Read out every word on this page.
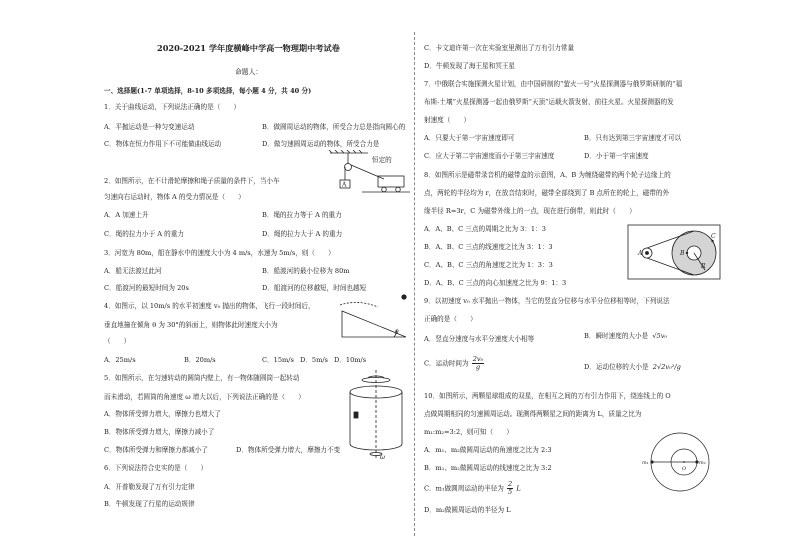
2020-2021 学年度横峰中学高一物理期中考试卷
命题人：
一、选择题(1-7 单项选择，8-10 多项选择，每小题 4 分，共 40 分)
1．关于曲线运动，下列说法正确的是（　　）
A．平抛运动是一种匀变速运动	B．做圆周运动的物体，所受合力总是指向圆心的
C．物体在恒力作用下不可能做曲线运动	D．做匀速圆周运动的物体，所受合力是
恒定的
2．如图所示，在不计滑轮摩擦和绳子质量的条件下，当小车
匀速向右运动时，物体 A 的受力情况是（　　）
A．A 加速上升	B．绳的拉力等于 A 的重力
C．绳的拉力小于 A 的重力	D．绳的拉力大于 A 的重力
3．河宽为 80m，船在静水中的速度大小为 4 m/s，水速为 5m/s，则（　　）
A．船无法渡过此河	B．船渡河的最小位移为 80m
C．船渡河的最短时间为 20s	D．船渡河的位移越短，时间也越短
4．如图示，以 10m/s 的水平初速度 v₀ 抛出的物体，飞行一段时间后，
垂直地撞在倾角 θ 为 30°的斜面上，则物体此时速度大小为
（　　）
A．25m/s	B．20m/s	C．15m/s D．5m/s D．10m/s
5．如图所示，在匀速转动的圆筒内壁上，有一物体随圆筒一起转动
而未滑动，若圆筒的角速度 ω 增大以后，下列说法正确的是（　　）
A．物体所受弹力增大，摩擦力也增大了
B．物体所受弹力增大，摩擦力减小了
C．物体所受弹力和摩擦力都减小了	D．物体所受弹力增大，摩擦力不变
6．下列说法符合史实的是（　　）
A．开普勒发现了万有引力定律
B．牛顿发现了行星的运动规律
A
θ
ω
C．卡文迪许第一次在实验室里测出了万有引力常量
D．牛顿发现了海王星和冥王星
7．中俄联合实施探测火星计划，由中国研制的“萤火一号”火星探测器与俄罗斯研制的“福
布斯-土壤”火星探测器一起由俄罗斯“天顶”运载火箭发射，前往火星。火星探测器的发
射速度（　　）
A．只要大于第一宇宙速度即可	B．只有达到第三宇宙速度才可以
C．应大于第二宇宙速度而小于第三宇宙速度	D．小于第一宇宙速度
8．如图所示是磁带录音机的磁带盒的示意图，A、B 为缠绕磁带的两个轮子边缘上的
点，两轮的半径均为 r，在放音结束时，磁带全部绕到了 B 点所在的轮上，磁带的外
缘半径 R=3r，C 为磁带外缘上的一点，现在进行倒带，则此时（　　）
A．A、B、C 三点的周期之比为 3：1：3
B．A、B、C 三点的线速度之比为 3：1：3
C．A、B、C 三点的角速度之比为 1：3：3
D．A、B、C 三点的向心加速度之比为 9：1：3
9．以初速度 v₀ 水平抛出一物体，当它的竖直分位移与水平分位移相等时，下列说法
正确的是（　　）
A．竖直分速度与水平分速度大小相等	B．瞬时速度的大小是 √5v₀
C．运动时间为 $\frac{\text{2v₀}}{g}$	D．运动位移的大小是 2√2v₀²/g
10．如图所示，两颗星球组成的双星，在相互之间的万有引力作用下，绕连线上的 O
点做周期相同的匀速圆周运动。现测得两颗星之间的距离为 L，质量之比为
m₁:m₂=3:2，则可知（　　）
A．m₁、m₂做圆周运动的角速度之比为 2:3
B．m₁、m₂做圆周运动的线速度之比为 3:2
C．m₁做圆周运动的半径为 $\frac{2}{5}$ L
D．m₂做圆周运动的半径为 L
A	B
C
R
m₁
O
m₂
